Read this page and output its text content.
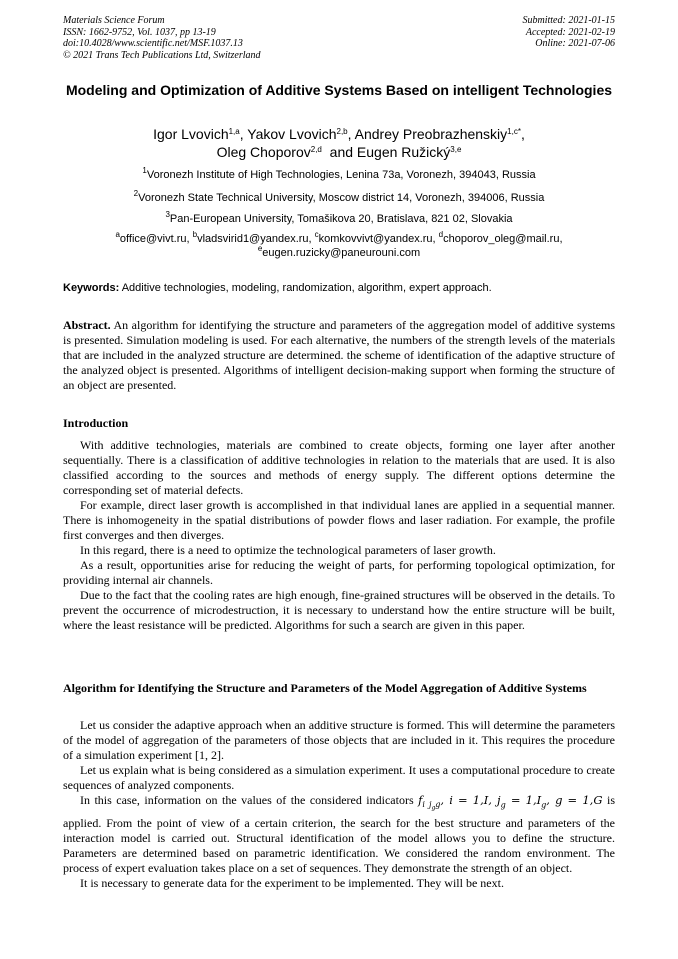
Materials Science Forum
ISSN: 1662-9752, Vol. 1037, pp 13-19
doi:10.4028/www.scientific.net/MSF.1037.13
© 2021 Trans Tech Publications Ltd, Switzerland
Submitted: 2021-01-15
Accepted: 2021-02-19
Online: 2021-07-06
Modeling and Optimization of Additive Systems Based on intelligent Technologies
Igor Lvovich$^{1,a}$, Yakov Lvovich$^{2,b}$, Andrey Preobrazhenskiy$^{1,c*}$,
Oleg Choporov$^{2,d}$ and Eugen Ružický$^{3,e}$
$^1$Voronezh Institute of High Technologies, Lenina 73a, Voronezh, 394043, Russia
$^2$Voronezh State Technical University, Moscow district 14, Voronezh, 394006, Russia
$^3$Pan-European University, Tomašikova 20, Bratislava, 821 02, Slovakia
$^a$office@vivt.ru, $^b$vladsvirid1@yandex.ru, $^c$komkovvivt@yandex.ru, $^d$choporov_oleg@mail.ru,
$^e$eugen.ruzicky@paneurouni.com
Keywords: Additive technologies, modeling, randomization, algorithm, expert approach.
Abstract. An algorithm for identifying the structure and parameters of the aggregation model of additive systems is presented. Simulation modeling is used. For each alternative, the numbers of the strength levels of the materials that are included in the analyzed structure are determined. the scheme of identification of the adaptive structure of the analyzed object is presented. Algorithms of intelligent decision-making support when forming the structure of an object are presented.
Introduction

With additive technologies, materials are combined to create objects, forming one layer after another sequentially. There is a classification of additive technologies in relation to the materials that are used. It is also classified according to the sources and methods of energy supply. The different options determine the corresponding set of material defects.

For example, direct laser growth is accomplished in that individual lanes are applied in a sequential manner. There is inhomogeneity in the spatial distributions of powder flows and laser radiation. For example, the profile first converges and then diverges.

In this regard, there is a need to optimize the technological parameters of laser growth.

As a result, opportunities arise for reducing the weight of parts, for performing topological optimization, for providing internal air channels.

Due to the fact that the cooling rates are high enough, fine-grained structures will be observed in the details. To prevent the occurrence of microdestruction, it is necessary to understand how the entire structure will be built, where the least resistance will be predicted. Algorithms for such a search are given in this paper.

Algorithm for Identifying the Structure and Parameters of the Model Aggregation of Additive Systems

Let us consider the adaptive approach when an additive structure is formed. This will determine the parameters of the model of aggregation of the parameters of those objects that are included in it. This requires the procedure of a simulation experiment [1, 2].

Let us explain what is being considered as a simulation experiment. It uses a computational procedure to create sequences of analyzed components.

In this case, information on the values of the considered indicators $f_{i j_gg}$, i = 1,I, $j_g = 1,I_g$, g = 1,G is applied. From the point of view of a certain criterion, the search for the best structure and parameters of the interaction model is carried out. Structural identification of the model allows you to define the structure. Parameters are determined based on parametric identification. We considered the random environment. The process of expert evaluation takes place on a set of sequences. They demonstrate the strength of an object.

It is necessary to generate data for the experiment to be implemented. They will be next.
